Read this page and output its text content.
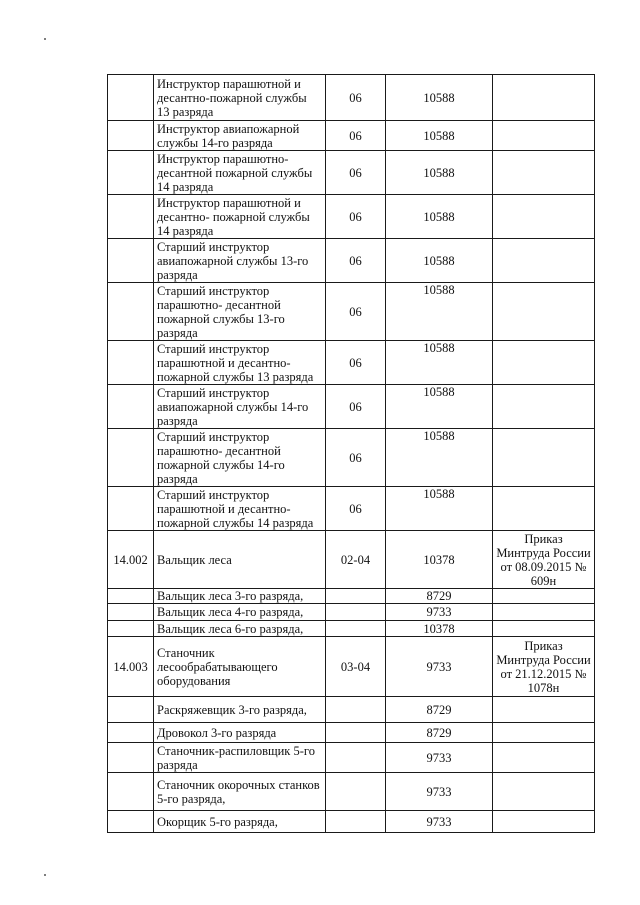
	Инструктор парашютной и десантно-пожарной службы 13 разряда	06	10588	
	Инструктор авиапожарной службы 14-го разряда	06	10588	
	Инструктор парашютно-десантной пожарной службы 14 разряда	06	10588	
	Инструктор парашютной и десантно- пожарной службы 14 разряда	06	10588	
	Старший инструктор авиапожарной службы 13-го разряда	06	10588	
	Старший инструктор парашютно- десантной пожарной службы 13-го разряда	06	10588	
	Старший инструктор парашютной и десантно-пожарной службы 13 разряда	06	10588	
	Старший инструктор авиапожарной службы 14-го разряда	06	10588	
	Старший инструктор парашютно- десантной пожарной службы 14-го разряда	06	10588	
	Старший инструктор парашютной и десантно-пожарной службы 14 разряда	06	10588	
14.002	Вальщик леса	02-04	10378	Приказ Минтруда России от 08.09.2015 № 609н
	Вальщик леса 3-го разряда,		8729	
	Вальщик леса 4-го разряда,		9733	
	Вальщик леса 6-го разряда,		10378	
14.003	Станочник лесообрабатывающего оборудования	03-04	9733	Приказ Минтруда России от 21.12.2015 № 1078н
	Раскряжевщик 3-го разряда,		8729	
	Дровокол 3-го разряда		8729	
	Станочник-распиловщик 5-го разряда		9733	
	Станочник окорочных станков 5-го разряда,		9733	
	Окорщик 5-го разряда,		9733	
